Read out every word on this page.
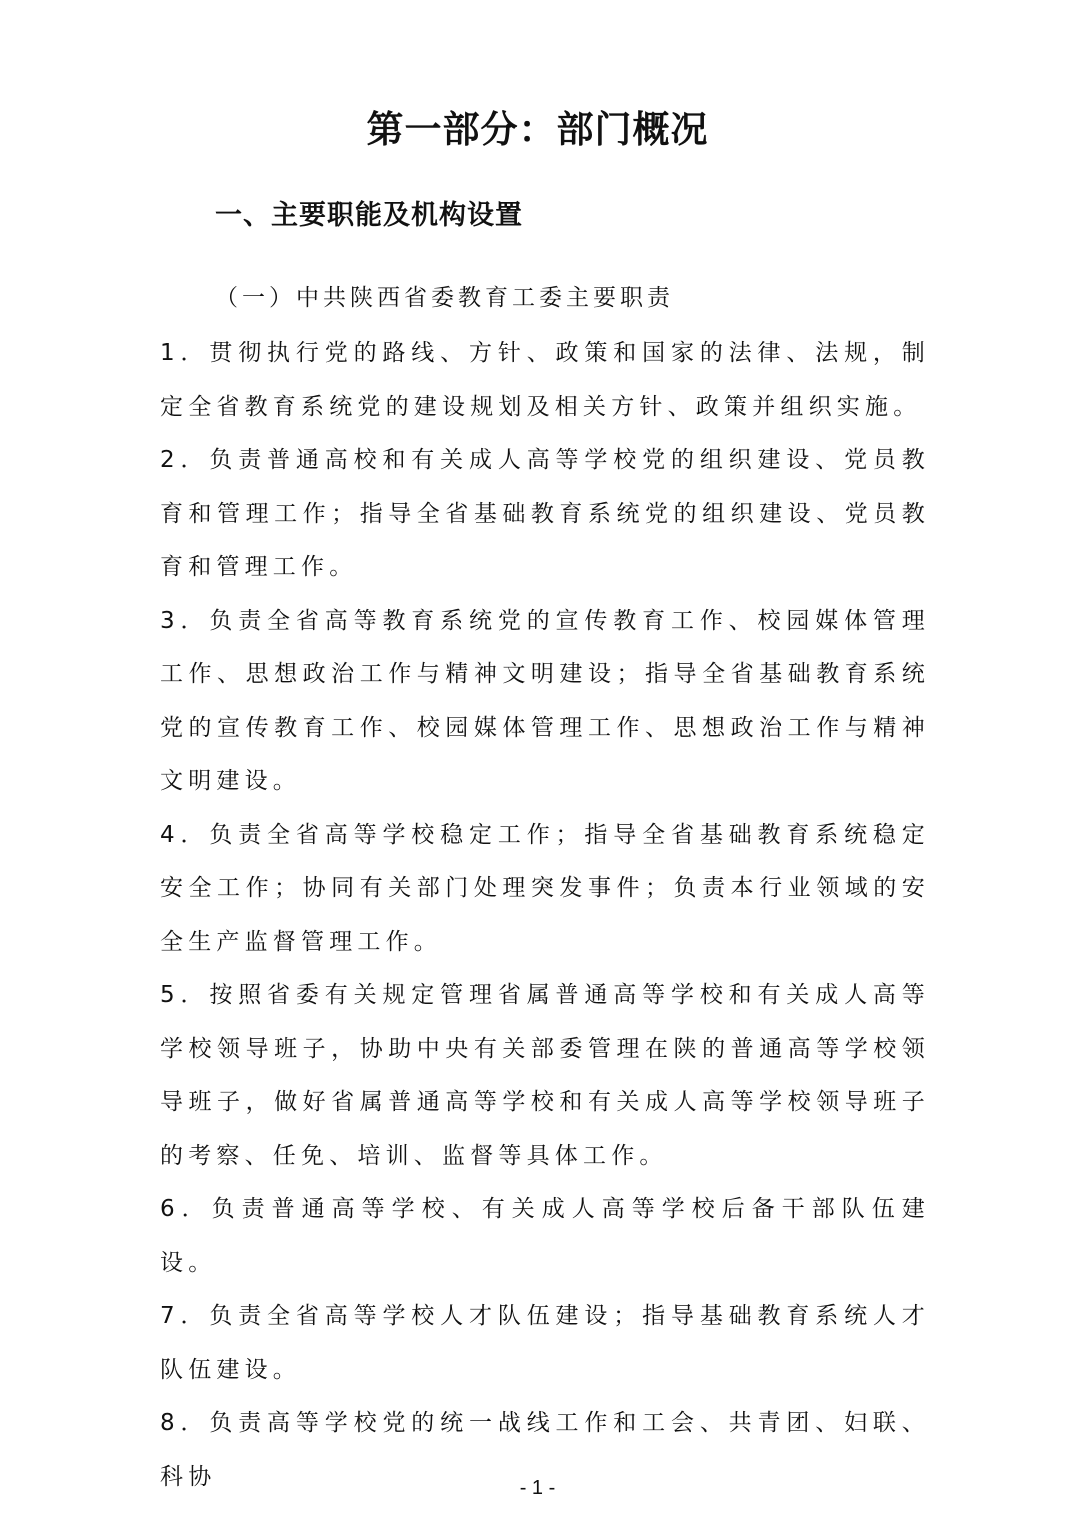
第一部分：部门概况
一、主要职能及机构设置
（一）中共陕西省委教育工委主要职责

1．贯彻执行党的路线、方针、政策和国家的法律、法规，制定全省教育系统党的建设规划及相关方针、政策并组织实施。

2．负责普通高校和有关成人高等学校党的组织建设、党员教育和管理工作；指导全省基础教育系统党的组织建设、党员教育和管理工作。

3．负责全省高等教育系统党的宣传教育工作、校园媒体管理工作、思想政治工作与精神文明建设；指导全省基础教育系统党的宣传教育工作、校园媒体管理工作、思想政治工作与精神文明建设。

4．负责全省高等学校稳定工作；指导全省基础教育系统稳定安全工作；协同有关部门处理突发事件；负责本行业领域的安全生产监督管理工作。

5．按照省委有关规定管理省属普通高等学校和有关成人高等学校领导班子，协助中央有关部委管理在陕的普通高等学校领导班子，做好省属普通高等学校和有关成人高等学校领导班子的考察、任免、培训、监督等具体工作。

6．负责普通高等学校、有关成人高等学校后备干部队伍建设。

7．负责全省高等学校人才队伍建设；指导基础教育系统人才队伍建设。

8．负责高等学校党的统一战线工作和工会、共青团、妇联、科协	- 1 -
